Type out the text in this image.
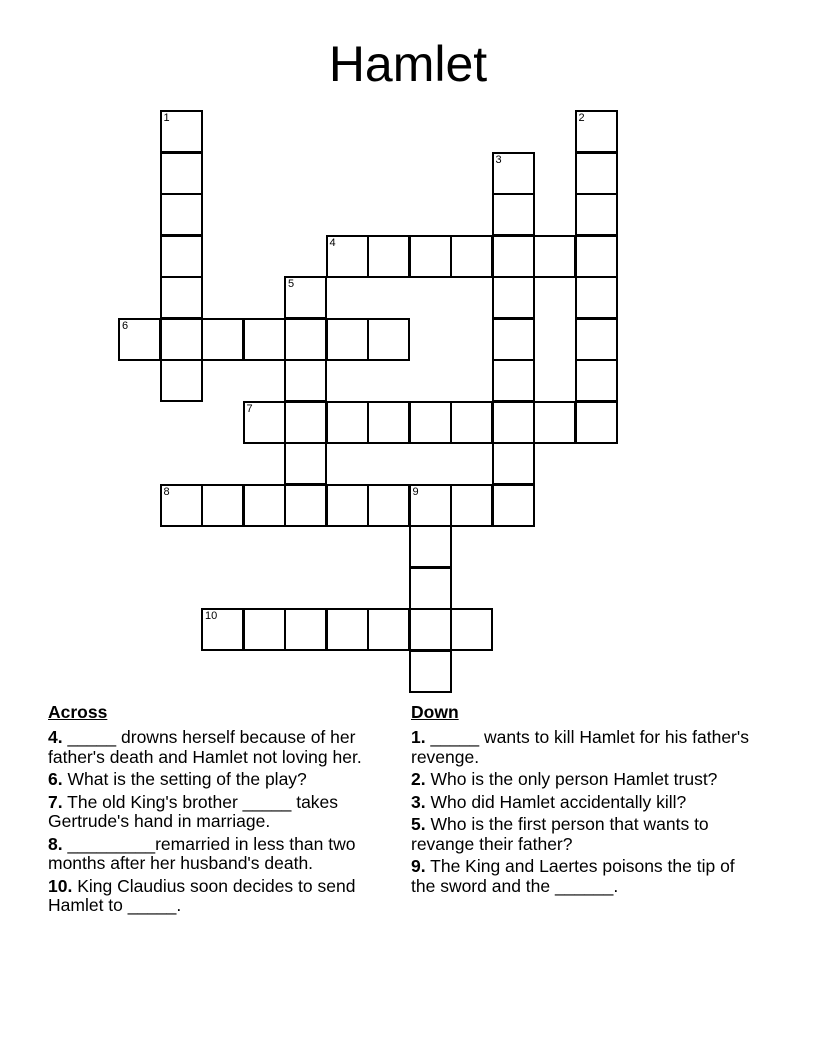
Hamlet
1	2
3
4
5
6
7
8	9
10
Across
4. _____ drowns herself because of her father's death and Hamlet not loving her.
6. What is the setting of the play?
7. The old King's brother _____ takes Gertrude's hand in marriage.
8. _________remarried in less than two months after her husband's death.
10. King Claudius soon decides to send Hamlet to _____.
Down
1. _____ wants to kill Hamlet for his father's revenge.
2. Who is the only person Hamlet trust?
3. Who did Hamlet accidentally kill?
5. Who is the first person that wants to revange their father?
9. The King and Laertes poisons the tip of the sword and the ______.
